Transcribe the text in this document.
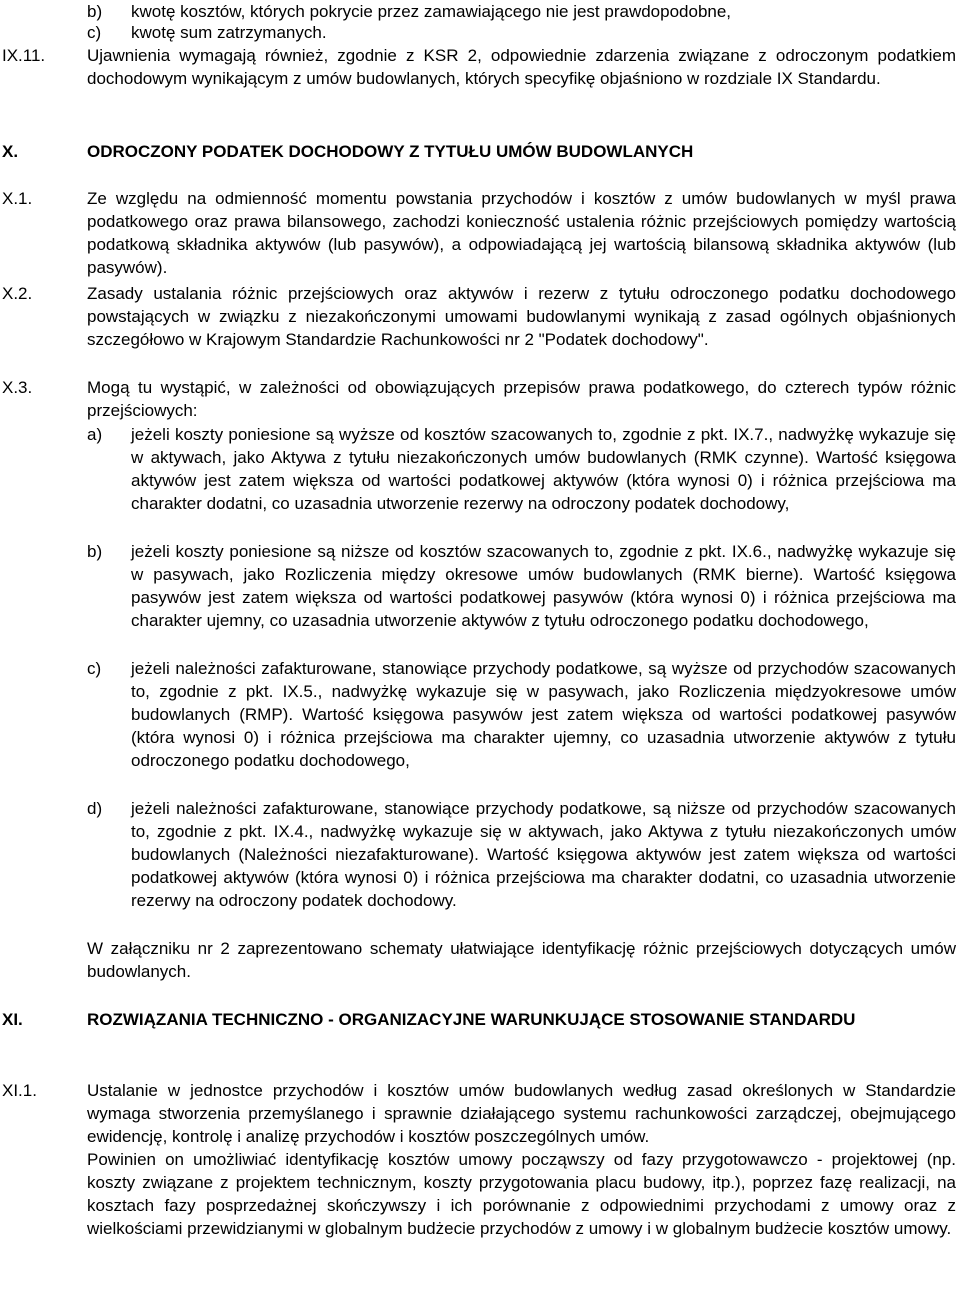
b) kwotę kosztów, których pokrycie przez zamawiającego nie jest prawdopodobne,
c) kwotę sum zatrzymanych.
IX.11. Ujawnienia wymagają również, zgodnie z KSR 2, odpowiednie zdarzenia związane z odroczonym podatkiem dochodowym wynikającym z umów budowlanych, których specyfikę objaśniono w rozdziale IX Standardu.
X.	ODROCZONY PODATEK DOCHODOWY Z TYTUŁU UMÓW BUDOWLANYCH
X.1.	Ze względu na odmienność momentu powstania przychodów i kosztów z umów budowlanych w myśl prawa podatkowego oraz prawa bilansowego, zachodzi konieczność ustalenia różnic przejściowych pomiędzy wartością podatkową składnika aktywów (lub pasywów), a odpowiadającą jej wartością bilansową składnika aktywów (lub pasywów).
X.2.	Zasady ustalania różnic przejściowych oraz aktywów i rezerw z tytułu odroczonego podatku dochodowego powstających w związku z niezakończonymi umowami budowlanymi wynikają z zasad ogólnych objaśnionych szczegółowo w Krajowym Standardzie Rachunkowości nr 2 "Podatek dochodowy".
X.3.	Mogą tu wystąpić, w zależności od obowiązujących przepisów prawa podatkowego, do czterech typów różnic przejściowych:
a) jeżeli koszty poniesione są wyższe od kosztów szacowanych to, zgodnie z pkt. IX.7., nadwyżkę wykazuje się w aktywach, jako Aktywa z tytułu niezakończonych umów budowlanych (RMK czynne). Wartość księgowa aktywów jest zatem większa od wartości podatkowej aktywów (która wynosi 0) i różnica przejściowa ma charakter dodatni, co uzasadnia utworzenie rezerwy na odroczony podatek dochodowy,
b) jeżeli koszty poniesione są niższe od kosztów szacowanych to, zgodnie z pkt. IX.6., nadwyżkę wykazuje się w pasywach, jako Rozliczenia między okresowe umów budowlanych (RMK bierne). Wartość księgowa pasywów jest zatem większa od wartości podatkowej pasywów (która wynosi 0) i różnica przejściowa ma charakter ujemny, co uzasadnia utworzenie aktywów z tytułu odroczonego podatku dochodowego,
c) jeżeli należności zafakturowane, stanowiące przychody podatkowe, są wyższe od przychodów szacowanych to, zgodnie z pkt. IX.5., nadwyżkę wykazuje się w pasywach, jako Rozliczenia międzyokresowe umów budowlanych (RMP). Wartość księgowa pasywów jest zatem większa od wartości podatkowej pasywów (która wynosi 0) i różnica przejściowa ma charakter ujemny, co uzasadnia utworzenie aktywów z tytułu odroczonego podatku dochodowego,
d) jeżeli należności zafakturowane, stanowiące przychody podatkowe, są niższe od przychodów szacowanych to, zgodnie z pkt. IX.4., nadwyżkę wykazuje się w aktywach, jako Aktywa z tytułu niezakończonych umów budowlanych (Należności niezafakturowane). Wartość księgowa aktywów jest zatem większa od wartości podatkowej aktywów (która wynosi 0) i różnica przejściowa ma charakter dodatni, co uzasadnia utworzenie rezerwy na odroczony podatek dochodowy.
W załączniku nr 2 zaprezentowano schematy ułatwiające identyfikację różnic przejściowych dotyczących umów budowlanych.
XI.	ROZWIĄZANIA TECHNICZNO - ORGANIZACYJNE WARUNKUJĄCE STOSOWANIE STANDARDU
XI.1.	Ustalanie w jednostce przychodów i kosztów umów budowlanych według zasad określonych w Standardzie wymaga stworzenia przemyślanego i sprawnie działającego systemu rachunkowości zarządczej, obejmującego ewidencję, kontrolę i analizę przychodów i kosztów poszczególnych umów.
Powinien on umożliwiać identyfikację kosztów umowy począwszy od fazy przygotowawczo - projektowej (np. koszty związane z projektem technicznym, koszty przygotowania placu budowy, itp.), poprzez fazę realizacji, na kosztach fazy posprzedażnej skończywszy i ich porównanie z odpowiednimi przychodami z umowy oraz z wielkościami przewidzianymi w globalnym budżecie przychodów z umowy i w globalnym budżecie kosztów umowy.
